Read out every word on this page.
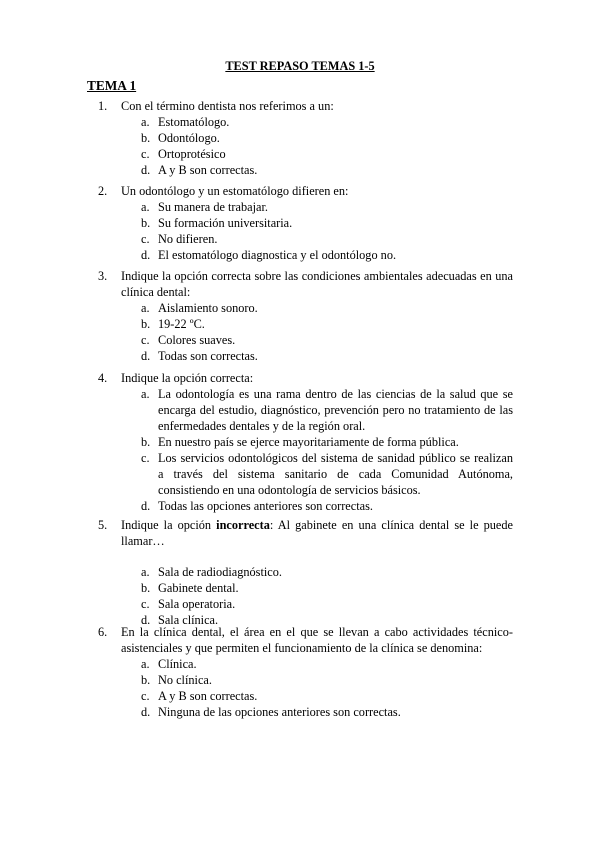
TEST REPASO TEMAS 1-5
TEMA 1
1.	Con el término dentista nos referimos a un:
a. Estomatólogo.
b. Odontólogo.
c. Ortoprotésico
d. A y B son correctas.
2.	Un odontólogo y un estomatólogo difieren en:
a. Su manera de trabajar.
b. Su formación universitaria.
c. No difieren.
d. El estomatólogo diagnostica y el odontólogo no.
3.	Indique la opción correcta sobre las condiciones ambientales adecuadas en una clínica dental:
a. Aislamiento sonoro.
b. 19-22 ºC.
c. Colores suaves.
d. Todas son correctas.
4.	Indique la opción correcta:
a. La odontología es una rama dentro de las ciencias de la salud que se encarga del estudio, diagnóstico, prevención pero no tratamiento de las enfermedades dentales y de la región oral.
b. En nuestro país se ejerce mayoritariamente de forma pública.
c. Los servicios odontológicos del sistema de sanidad público se realizan a través del sistema sanitario de cada Comunidad Autónoma, consistiendo en una odontología de servicios básicos.
d. Todas las opciones anteriores son correctas.
5.	Indique la opción incorrecta: Al gabinete en una clínica dental se le puede llamar…
a. Sala de radiodiagnóstico.
b. Gabinete dental.
c. Sala operatoria.
d. Sala clínica.
6.	En la clínica dental, el área en el que se llevan a cabo actividades técnico-asistenciales y que permiten el funcionamiento de la clínica se denomina:
a. Clínica.
b. No clínica.
c. A y B son correctas.
d. Ninguna de las opciones anteriores son correctas.
